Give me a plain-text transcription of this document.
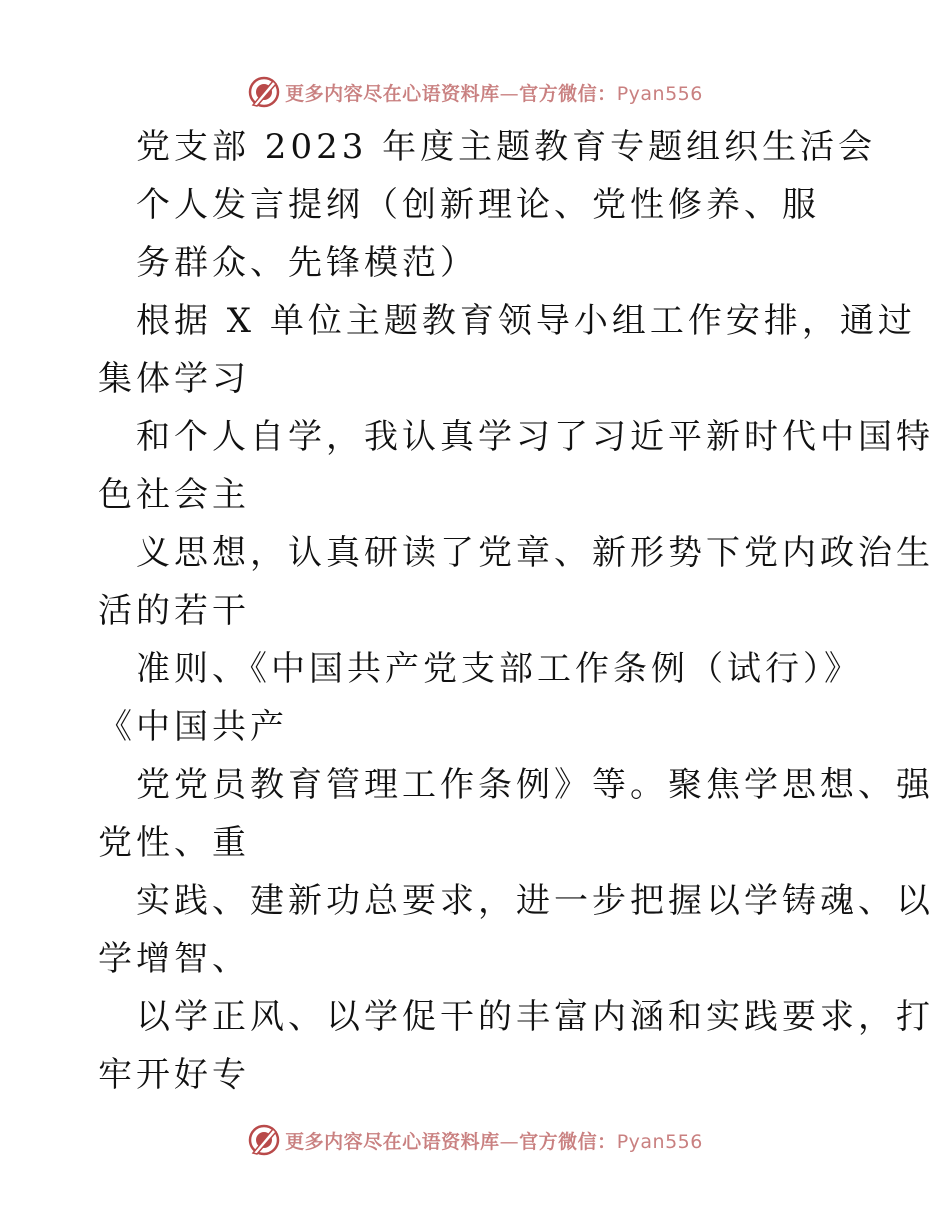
更多内容尽在心语资料库—官方微信：Pyan556
党支部 2023 年度主题教育专题组织生活会
个人发言提纲（创新理论、党性修养、服
务群众、先锋模范）
根据 X 单位主题教育领导小组工作安排，通过
集体学习
和个人自学，我认真学习了习近平新时代中国特
色社会主
义思想，认真研读了党章、新形势下党内政治生
活的若干
准则、《中国共产党支部工作条例（试行）》
《中国共产
党党员教育管理工作条例》等。聚焦学思想、强
党性、重
实践、建新功总要求，进一步把握以学铸魂、以
学增智、
以学正风、以学促干的丰富内涵和实践要求，打
牢开好专
更多内容尽在心语资料库—官方微信：Pyan556
